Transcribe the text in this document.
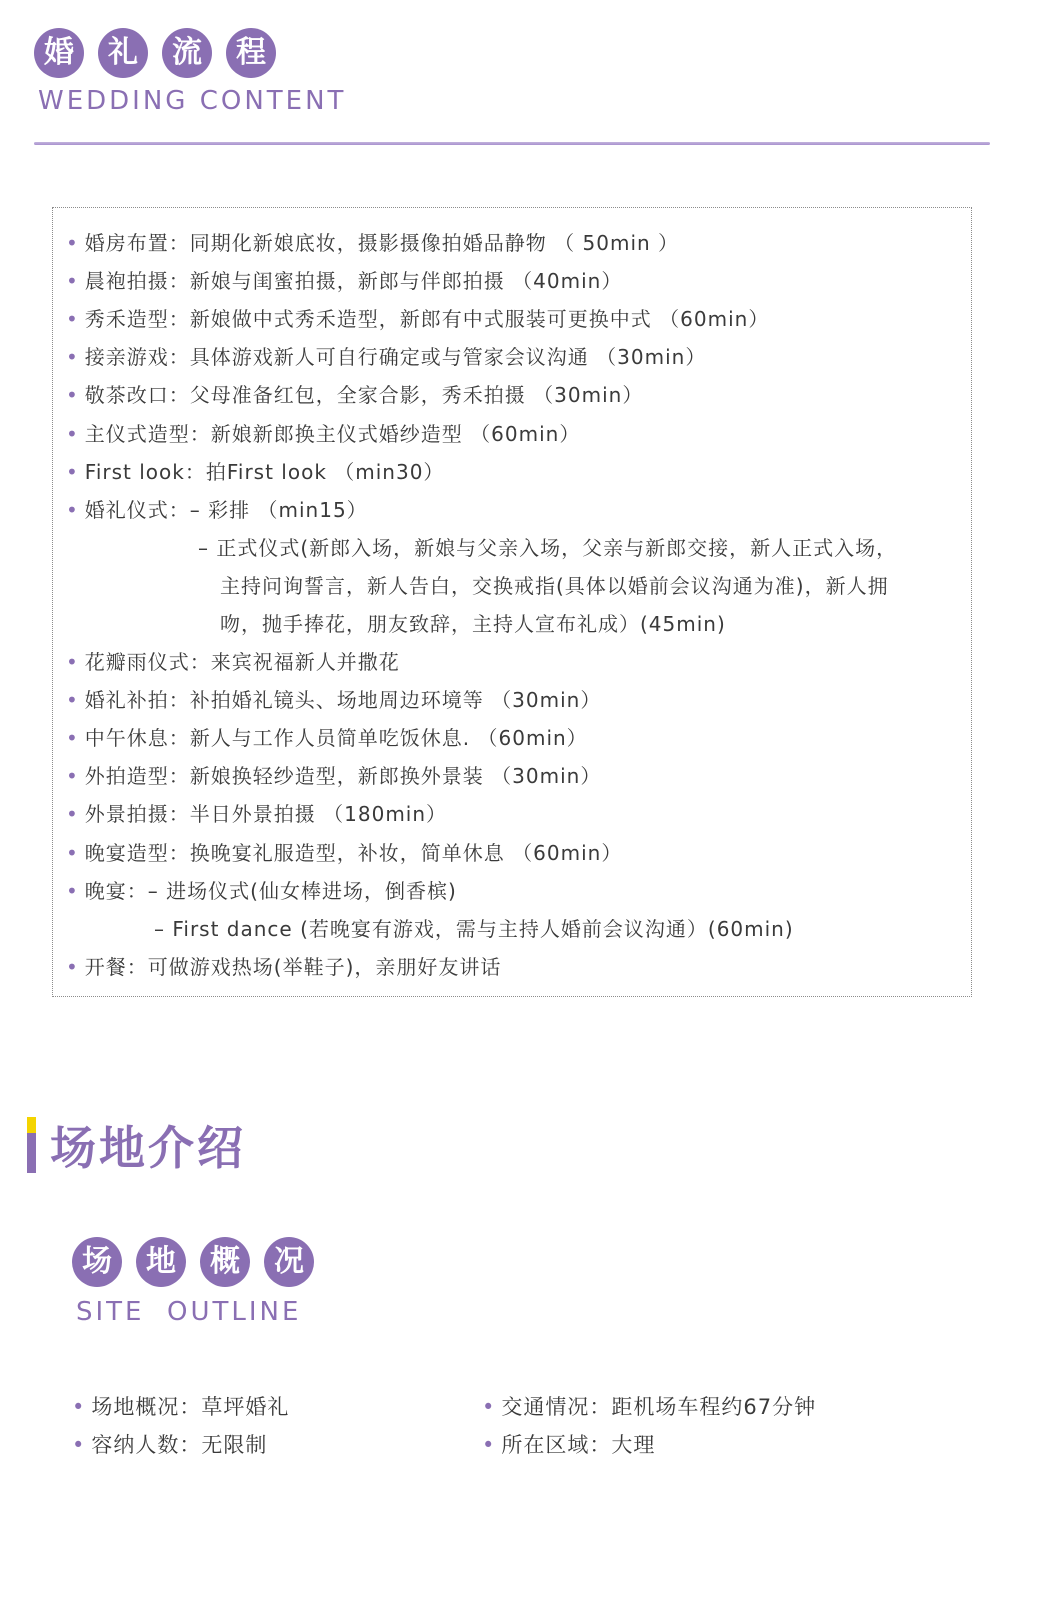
婚	礼	流	程
WEDDING CONTENT
• 婚房布置：同期化新娘底妆，摄影摄像拍婚品静物 （ 50min ）
• 晨袍拍摄：新娘与闺蜜拍摄，新郎与伴郎拍摄 （40min）
• 秀禾造型：新娘做中式秀禾造型，新郎有中式服装可更换中式 （60min）
• 接亲游戏：具体游戏新人可自行确定或与管家会议沟通 （30min）
• 敬茶改口：父母准备红包，全家合影，秀禾拍摄 （30min）
• 主仪式造型：新娘新郎换主仪式婚纱造型 （60min）
• First look：拍First look （min30）
• 婚礼仪式：– 彩排 （min15）
– 正式仪式(新郎入场，新娘与父亲入场，父亲与新郎交接，新人正式入场，
主持问询誓言，新人告白，交换戒指(具体以婚前会议沟通为准)，新人拥
吻，抛手捧花，朋友致辞，主持人宣布礼成）(45min)
• 花瓣雨仪式：来宾祝福新人并撒花
• 婚礼补拍：补拍婚礼镜头、场地周边环境等 （30min）
• 中午休息：新人与工作人员简单吃饭休息. （60min）
• 外拍造型：新娘换轻纱造型，新郎换外景装 （30min）
• 外景拍摄：半日外景拍摄 （180min）
• 晚宴造型：换晚宴礼服造型，补妆，简单休息 （60min）
• 晚宴：– 进场仪式(仙女棒进场，倒香槟)
– First dance (若晚宴有游戏，需与主持人婚前会议沟通）(60min)
• 开餐：可做游戏热场(举鞋子)，亲朋好友讲话
场地介绍
场	地	概	况
SITE  OUTLINE
• 场地概况：草坪婚礼	• 交通情况：距机场车程约67分钟
• 容纳人数：无限制	• 所在区域：大理
